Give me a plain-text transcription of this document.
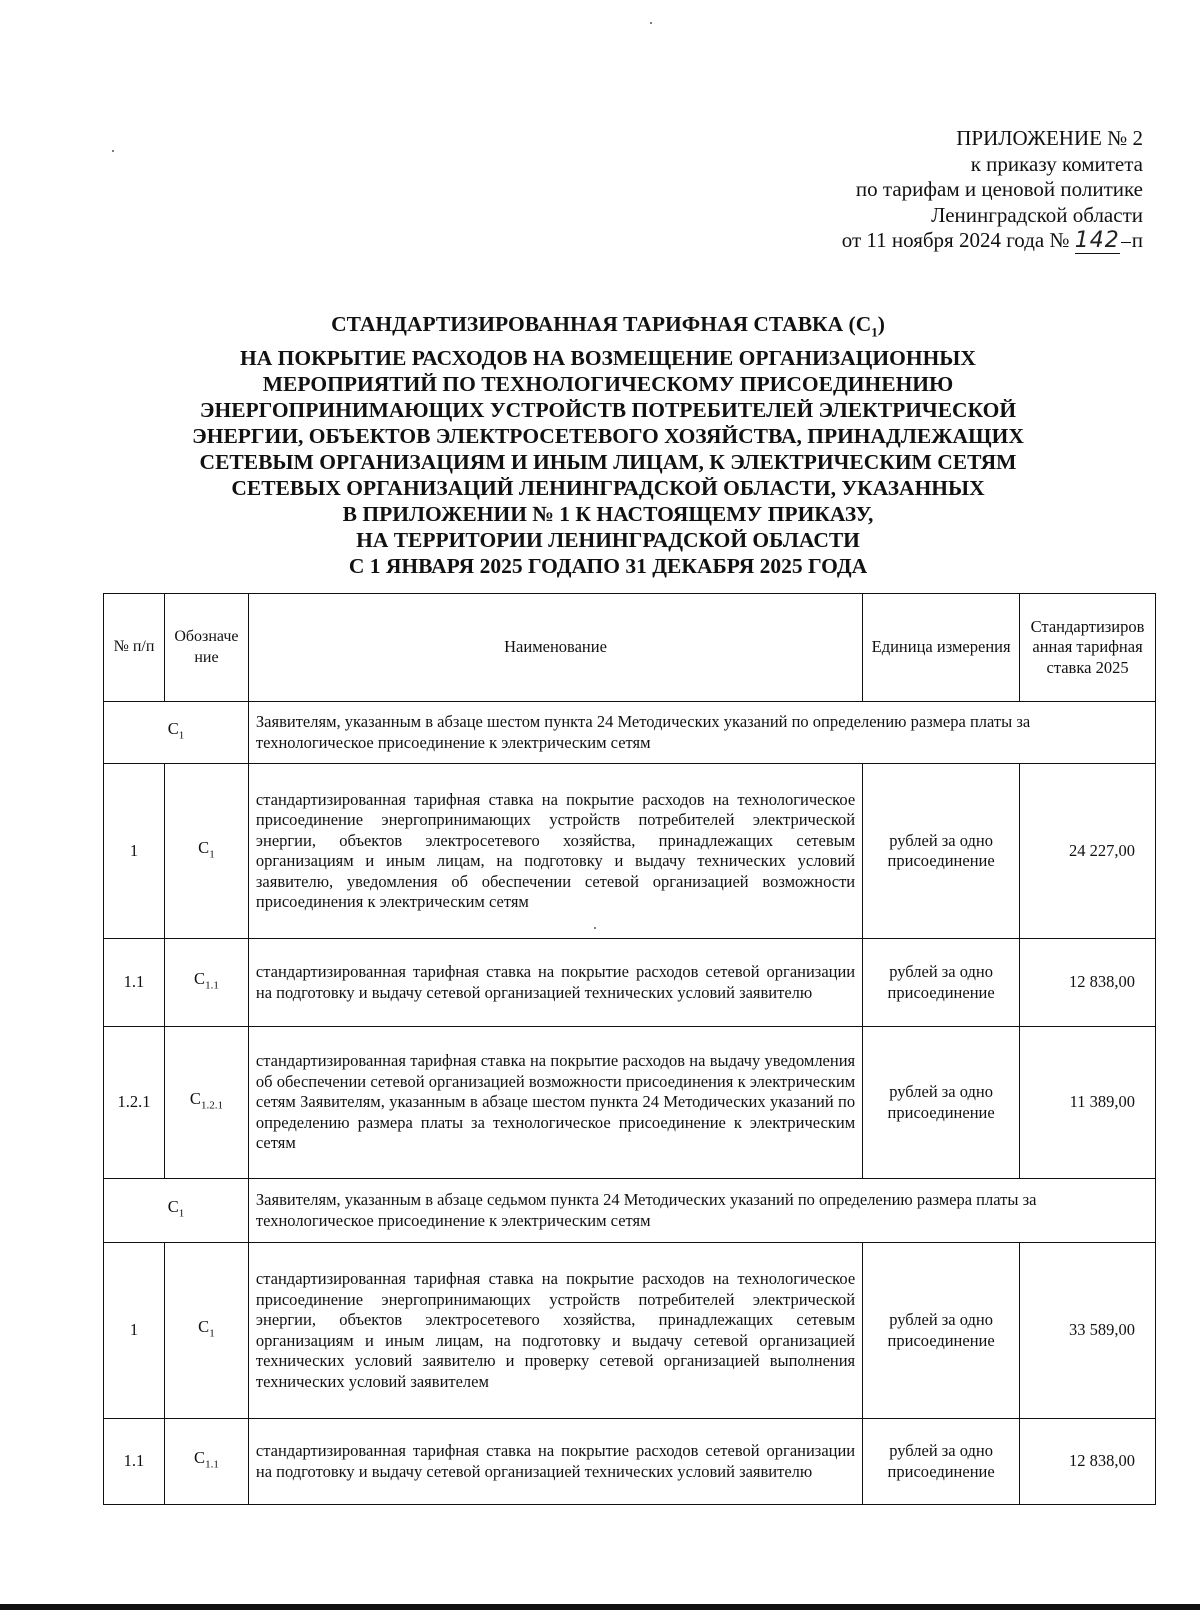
ПРИЛОЖЕНИЕ № 2
к приказу комитета
по тарифам и ценовой политике
Ленинградской области
от 11 ноября 2024 года № 142 п
СТАНДАРТИЗИРОВАННАЯ ТАРИФНАЯ СТАВКА $(С_1)$
НА ПОКРЫТИЕ РАСХОДОВ НА ВОЗМЕЩЕНИЕ ОРГАНИЗАЦИОННЫХ
МЕРОПРИЯТИЙ ПО ТЕХНОЛОГИЧЕСКОМУ ПРИСОЕДИНЕНИЮ
ЭНЕРГОПРИНИМАЮЩИХ УСТРОЙСТВ ПОТРЕБИТЕЛЕЙ ЭЛЕКТРИЧЕСКОЙ
ЭНЕРГИИ, ОБЪЕКТОВ ЭЛЕКТРОСЕТЕВОГО ХОЗЯЙСТВА, ПРИНАДЛЕЖАЩИХ
СЕТЕВЫМ ОРГАНИЗАЦИЯМ И ИНЫМ ЛИЦАМ, К ЭЛЕКТРИЧЕСКИМ СЕТЯМ
СЕТЕВЫХ ОРГАНИЗАЦИЙ ЛЕНИНГРАДСКОЙ ОБЛАСТИ, УКАЗАННЫХ
В ПРИЛОЖЕНИИ № 1 К НАСТОЯЩЕМУ ПРИКАЗУ,
НА ТЕРРИТОРИИ ЛЕНИНГРАДСКОЙ ОБЛАСТИ
С 1 ЯНВАРЯ 2025 ГОДАПО 31 ДЕКАБРЯ 2025 ГОДА
№ п/п	Обозначение	Наименование	Единица измерения	Стандартизированная тарифная ставка 2025
$С_1$		Заявителям, указанным в абзаце шестом пункта 24 Методических указаний по определению размера платы за технологическое присоединение к электрическим сетям		
1	$С_1$	стандартизированная тарифная ставка на покрытие расходов на технологическое присоединение энергопринимающих устройств потребителей электрической энергии, объектов электросетевого хозяйства, принадлежащих сетевым организациям и иным лицам, на подготовку и выдачу технических условий заявителю, уведомления об обеспечении сетевой организацией возможности присоединения к электрическим сетям	рублей за одно присоединение	24 227,00
1.1	$С_{1.1}$	стандартизированная тарифная ставка на покрытие расходов сетевой организации на подготовку и выдачу сетевой организацией технических условий заявителю	рублей за одно присоединение	12 838,00
1.2.1	$С_{1.2.1}$	стандартизированная тарифная ставка на покрытие расходов на выдачу уведомления об обеспечении сетевой организацией возможности присоединения к электрическим сетям Заявителям, указанным в абзаце шестом пункта 24 Методических указаний по определению размера платы за технологическое присоединение к электрическим сетям	рублей за одно присоединение	11 389,00
$С_1$		Заявителям, указанным в абзаце седьмом пункта 24 Методических указаний по определению размера платы за технологическое присоединение к электрическим сетям		
1	$С_1$	стандартизированная тарифная ставка на покрытие расходов на технологическое присоединение энергопринимающих устройств потребителей электрической энергии, объектов электросетевого хозяйства, принадлежащих сетевым организациям и иным лицам, на подготовку и выдачу сетевой организацией технических условий заявителю и проверку сетевой организацией выполнения технических условий заявителем	рублей за одно присоединение	33 589,00
1.1	$С_{1.1}$	стандартизированная тарифная ставка на покрытие расходов сетевой организации на подготовку и выдачу сетевой организацией технических условий заявителю	рублей за одно присоединение	12 838,00
